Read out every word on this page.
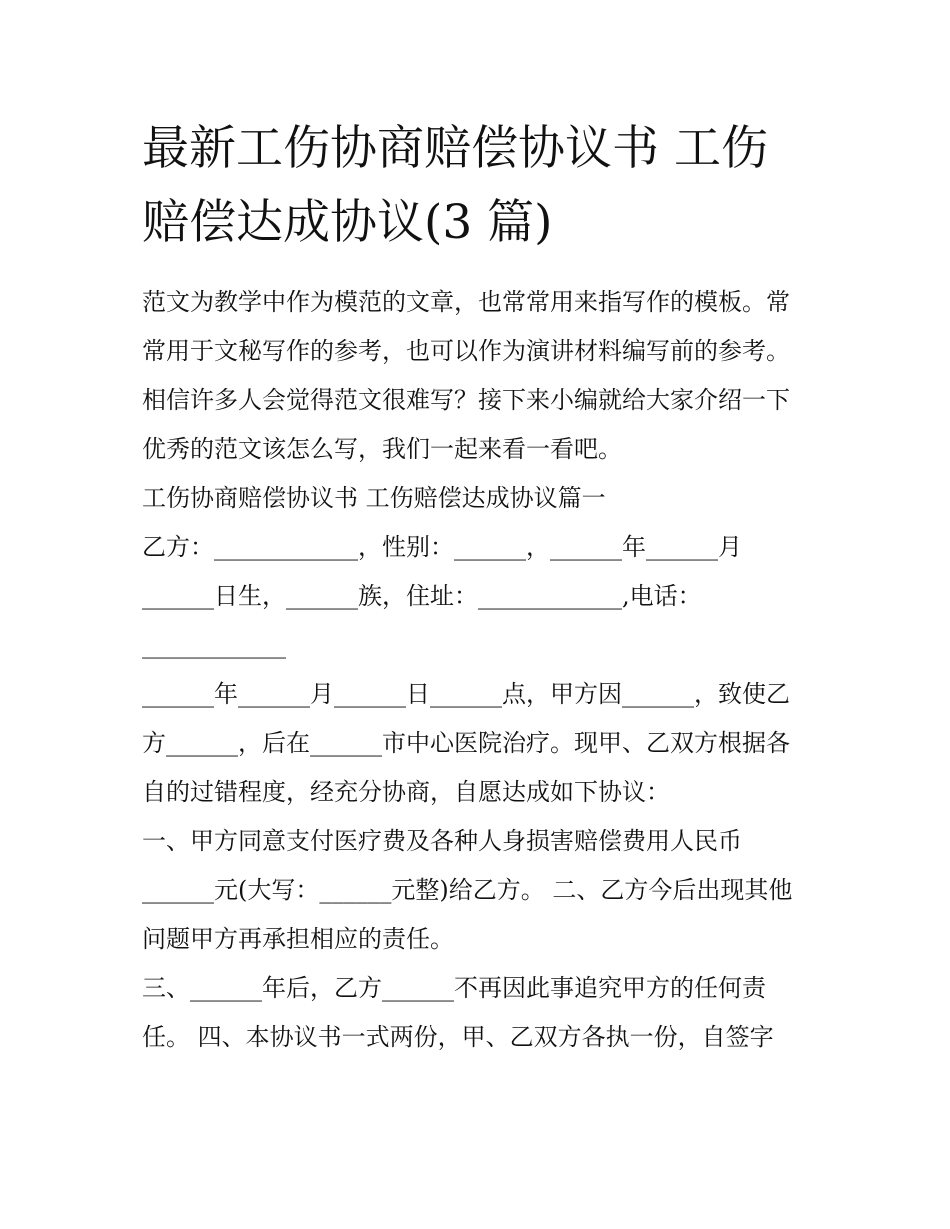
最新工伤协商赔偿协议书 工伤
赔偿达成协议(3 篇)
范文为教学中作为模范的文章，也常常用来指写作的模板。常
常用于文秘写作的参考，也可以作为演讲材料编写前的参考。
相信许多人会觉得范文很难写？接下来小编就给大家介绍一下
优秀的范文该怎么写，我们一起来看一看吧。
工伤协商赔偿协议书 工伤赔偿达成协议篇一
乙方：____________，性别：______，______年______月
______日生，______族，住址：____________,电话：
____________
______年______月______日______点，甲方因______，致使乙
方______，后在______市中心医院治疗。现甲、乙双方根据各
自的过错程度，经充分协商，自愿达成如下协议：
一、甲方同意支付医疗费及各种人身损害赔偿费用人民币
______元(大写：______元整)给乙方。 二、乙方今后出现其他
问题甲方再承担相应的责任。
三、______年后，乙方______不再因此事追究甲方的任何责
任。 四、本协议书一式两份，甲、乙双方各执一份，自签字
